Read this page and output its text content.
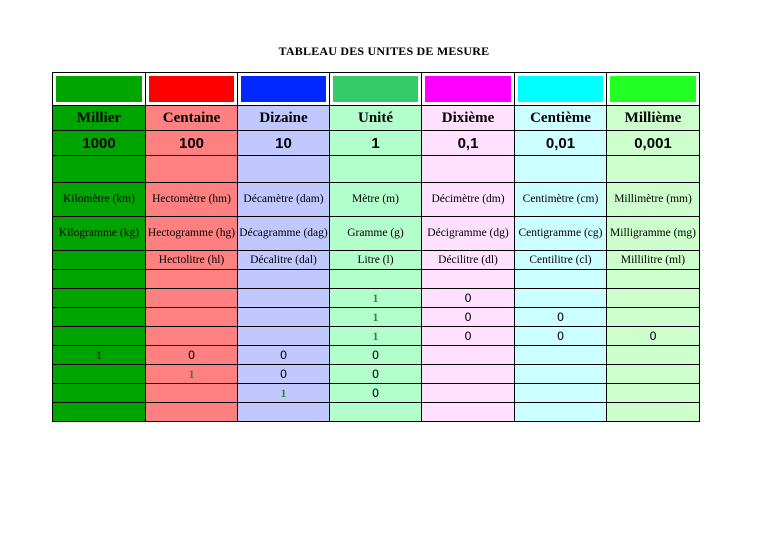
TABLEAU DES UNITES DE MESURE

Millier	Centaine	Dizaine	Unité	Dixième	Centième	Millième
1000	100	10	1	0,1	0,01	0,001

Kilomètre (km)	Hectomètre (hm)	Décamètre (dam)	Mètre (m)	Décimètre (dm)	Centimètre (cm)	Millimètre (mm)
Kilogramme (kg)	Hectogramme (hg)	Décagramme (dag)	Gramme (g)	Décigramme (dg)	Centigramme (cg)	Milligramme (mg)
	Hectolitre (hl)	Décalitre (dal)	Litre (l)	Décilitre (dl)	Centilitre (cl)	Millilitre (ml)

			1	0		
			1	0	0	
			1	0	0	0
1	0	0	0			
	1	0	0			
		1	0			
